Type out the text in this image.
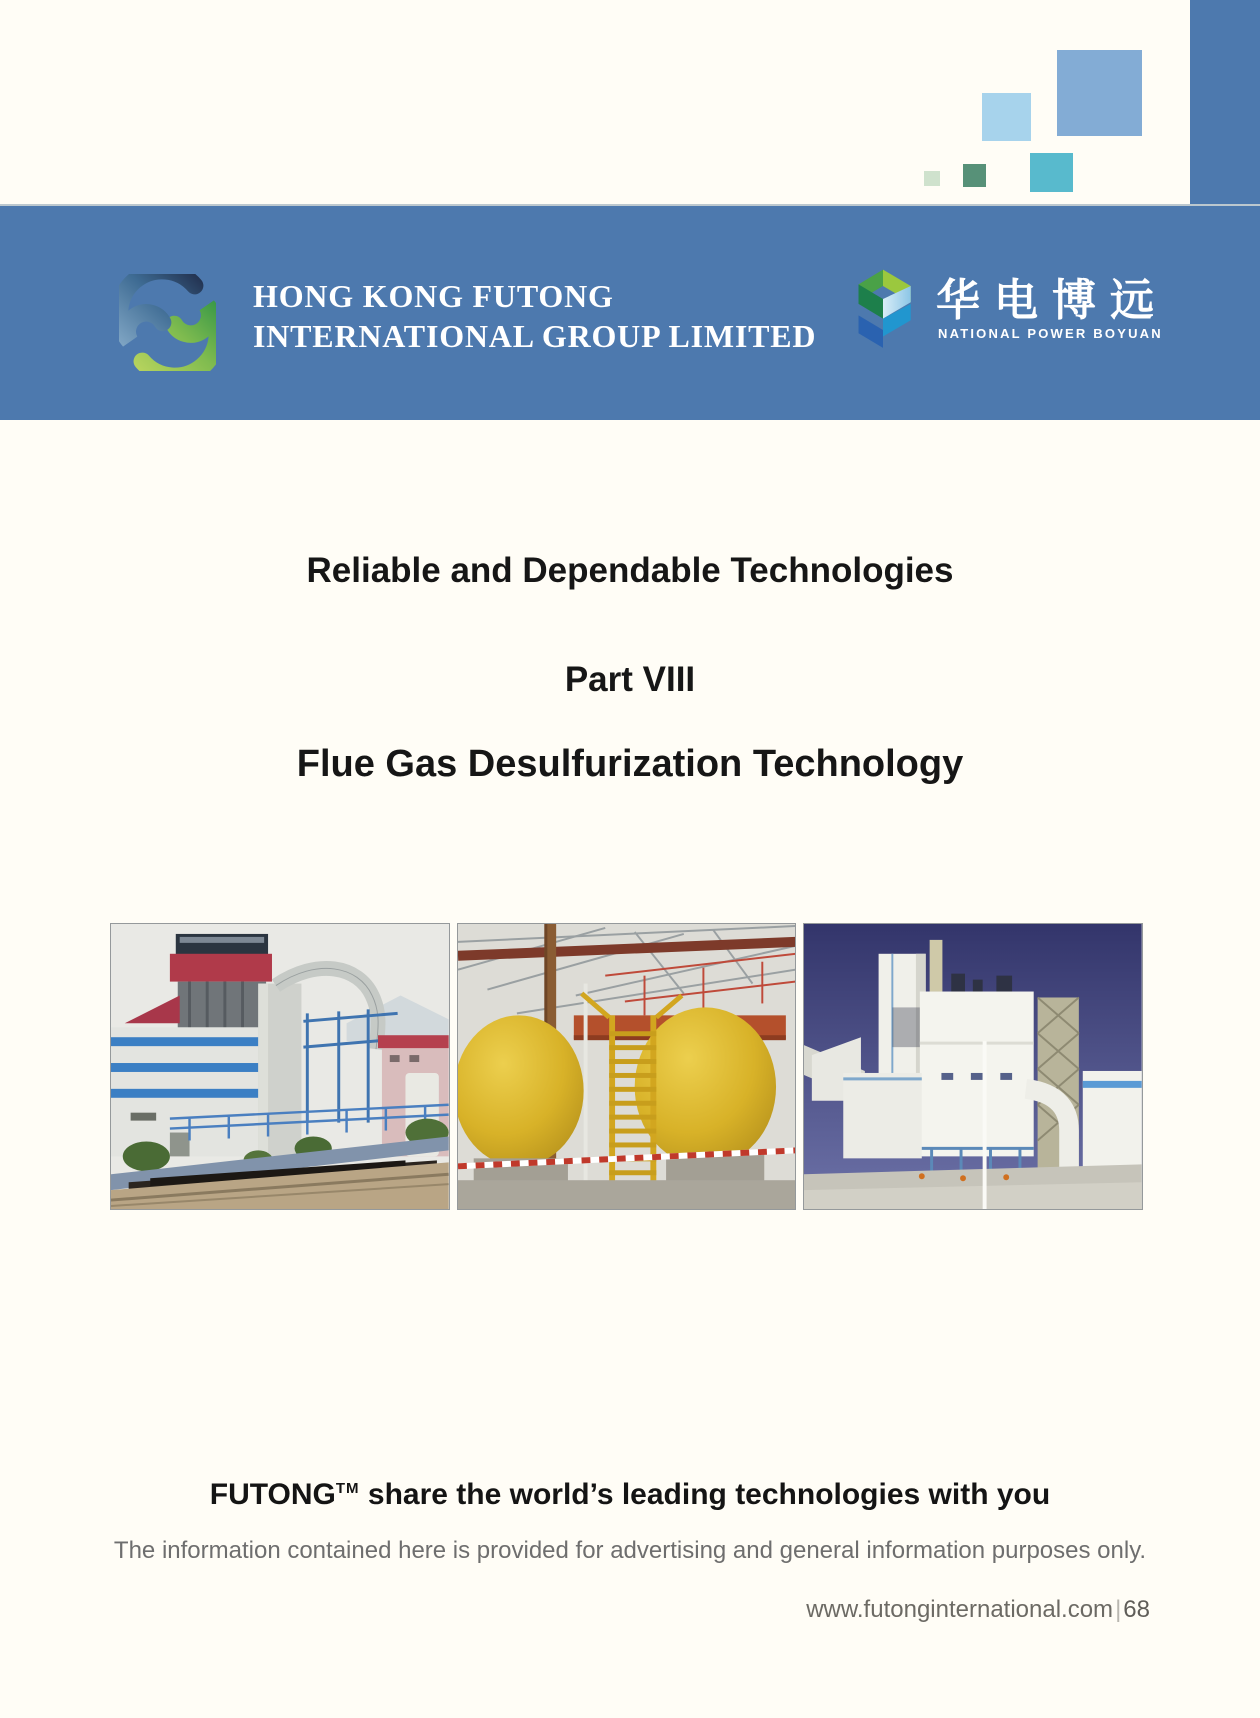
HONG KONG FUTONG
INTERNATIONAL GROUP LIMITED
华电博远
NATIONAL POWER BOYUAN
Reliable and Dependable Technologies
Part VIII
Flue Gas Desulfurization Technology
FUTONG™ share the world’s leading technologies with you
The information contained here is provided for advertising and general information purposes only.
www.futonginternational.com|68
